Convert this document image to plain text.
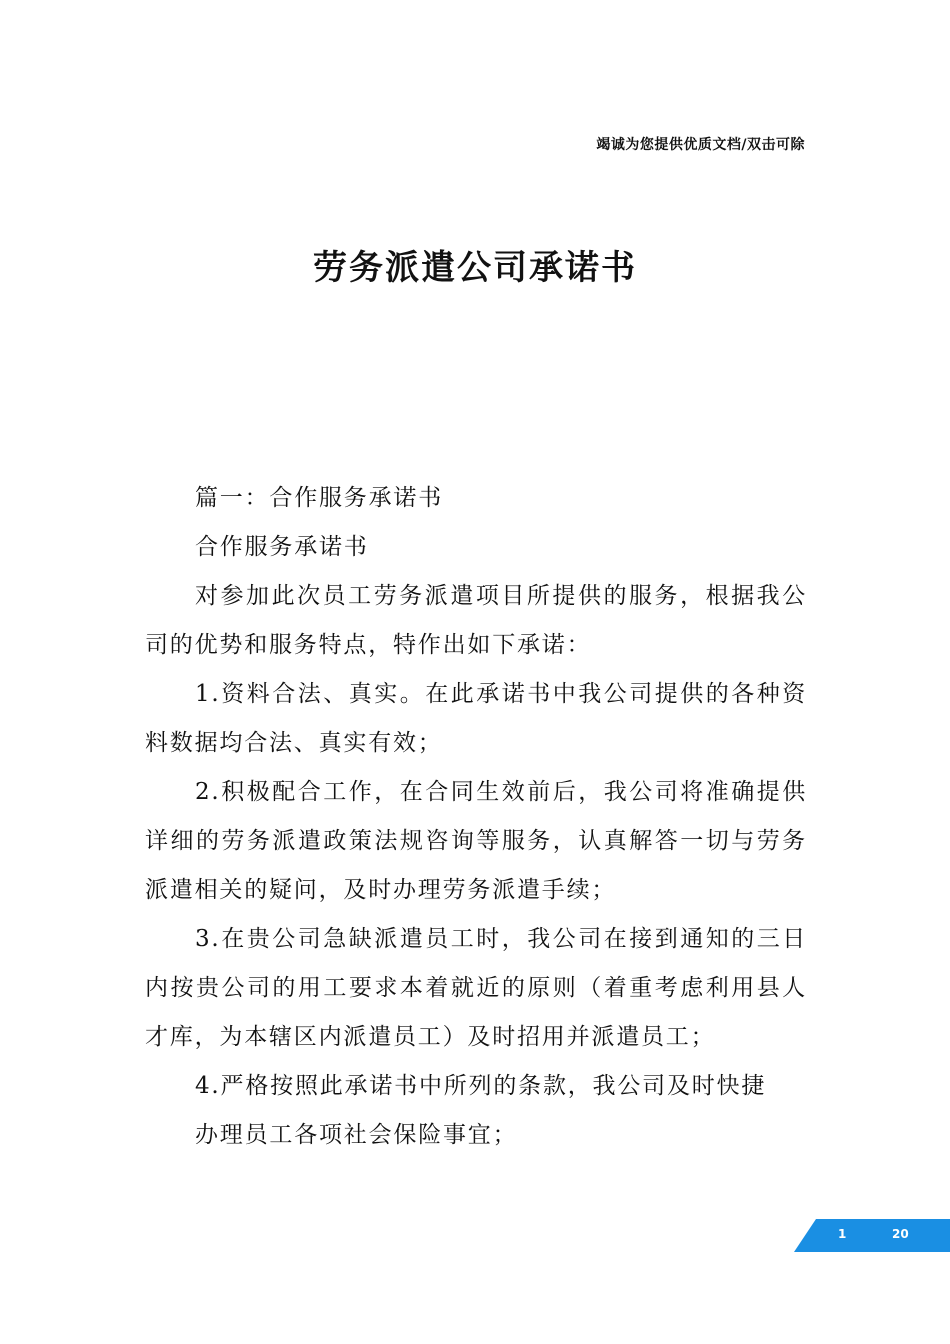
竭诚为您提供优质文档/双击可除
劳务派遣公司承诺书

篇一：合作服务承诺书

合作服务承诺书

对参加此次员工劳务派遣项目所提供的服务，根据我公司的优势和服务特点，特作出如下承诺：

1.资料合法、真实。在此承诺书中我公司提供的各种资料数据均合法、真实有效；

2.积极配合工作，在合同生效前后，我公司将准确提供详细的劳务派遣政策法规咨询等服务，认真解答一切与劳务派遣相关的疑问，及时办理劳务派遣手续；

3.在贵公司急缺派遣员工时，我公司在接到通知的三日内按贵公司的用工要求本着就近的原则（着重考虑利用县人才库，为本辖区内派遣员工）及时招用并派遣员工；

4.严格按照此承诺书中所列的条款，我公司及时快捷

办理员工各项社会保险事宜；

1	20
